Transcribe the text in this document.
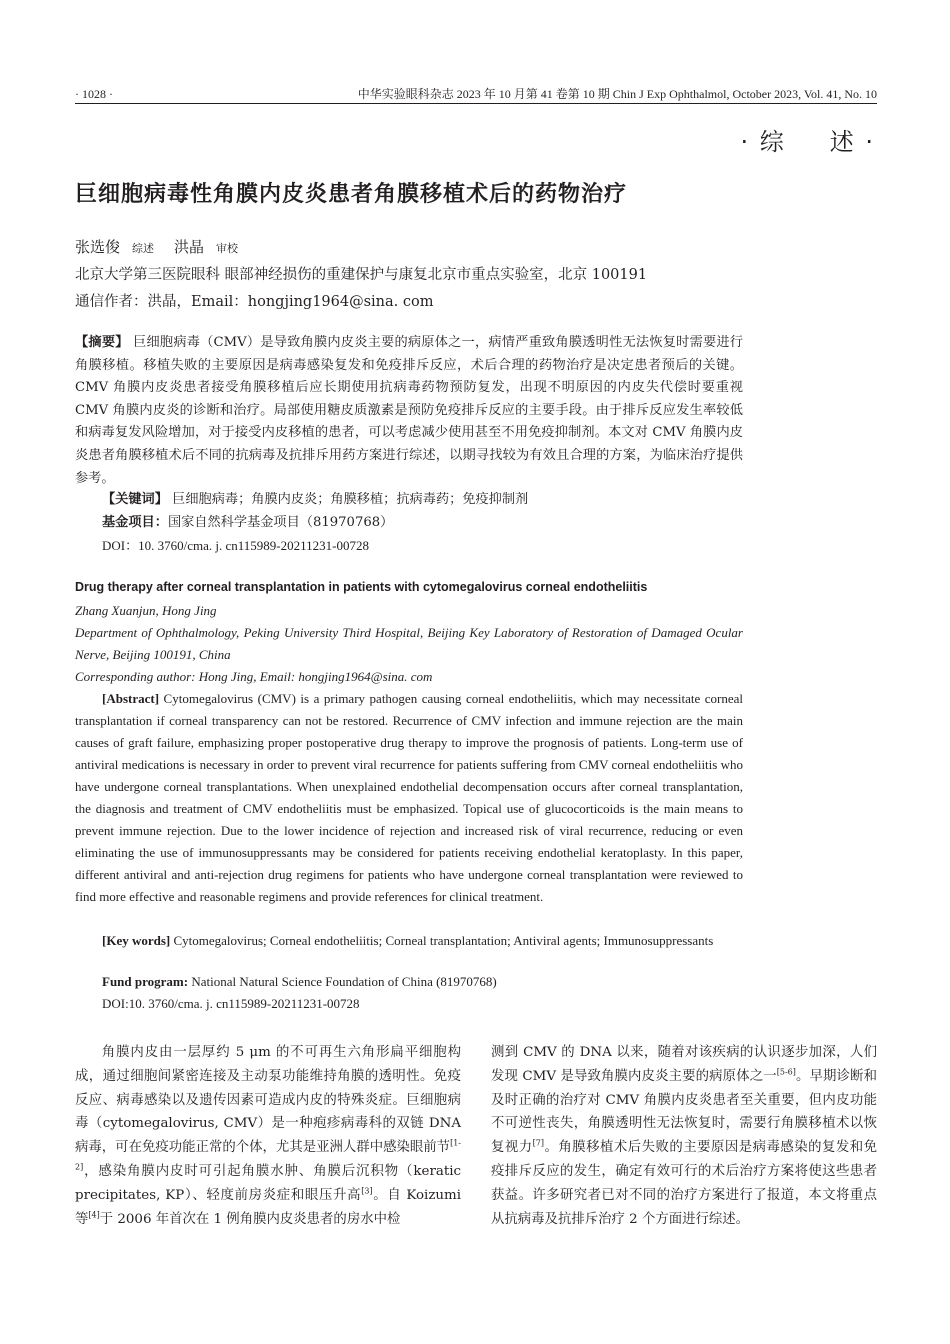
· 1028 ·	中华实验眼科杂志 2023 年 10 月第 41 卷第 10 期 Chin J Exp Ophthalmol, October 2023, Vol. 41, No. 10
· 综 述 ·
巨细胞病毒性角膜内皮炎患者角膜移植术后的药物治疗
张选俊 综述 洪晶 审校
北京大学第三医院眼科 眼部神经损伤的重建保护与康复北京市重点实验室，北京 100191
通信作者：洪晶，Email：hongjing1964@sina. com
【摘要】 巨细胞病毒（CMV）是导致角膜内皮炎主要的病原体之一，病情严重致角膜透明性无法恢复时需要进行角膜移植。移植失败的主要原因是病毒感染复发和免疫排斥反应，术后合理的药物治疗是决定患者预后的关键。CMV 角膜内皮炎患者接受角膜移植后应长期使用抗病毒药物预防复发，出现不明原因的内皮失代偿时要重视 CMV 角膜内皮炎的诊断和治疗。局部使用糖皮质激素是预防免疫排斥反应的主要手段。由于排斥反应发生率较低和病毒复发风险增加，对于接受内皮移植的患者，可以考虑减少使用甚至不用免疫抑制剂。本文对 CMV 角膜内皮炎患者角膜移植术后不同的抗病毒及抗排斥用药方案进行综述，以期寻找较为有效且合理的方案，为临床治疗提供参考。
【关键词】 巨细胞病毒；角膜内皮炎；角膜移植；抗病毒药；免疫抑制剂
基金项目：国家自然科学基金项目（81970768）
DOI：10. 3760/cma. j. cn115989-20211231-00728
Drug therapy after corneal transplantation in patients with cytomegalovirus corneal endotheliitis
Zhang Xuanjun, Hong Jing
Department of Ophthalmology, Peking University Third Hospital, Beijing Key Laboratory of Restoration of Damaged Ocular Nerve, Beijing 100191, China
Corresponding author: Hong Jing, Email: hongjing1964@sina. com
[Abstract] Cytomegalovirus (CMV) is a primary pathogen causing corneal endotheliitis, which may necessitate corneal transplantation if corneal transparency can not be restored. Recurrence of CMV infection and immune rejection are the main causes of graft failure, emphasizing proper postoperative drug therapy to improve the prognosis of patients. Long-term use of antiviral medications is necessary in order to prevent viral recurrence for patients suffering from CMV corneal endotheliitis who have undergone corneal transplantations. When unexplained endothelial decompensation occurs after corneal transplantation, the diagnosis and treatment of CMV endotheliitis must be emphasized. Topical use of glucocorticoids is the main means to prevent immune rejection. Due to the lower incidence of rejection and increased risk of viral recurrence, reducing or even eliminating the use of immunosuppressants may be considered for patients receiving endothelial keratoplasty. In this paper, different antiviral and anti-rejection drug regimens for patients who have undergone corneal transplantation were reviewed to find more effective and reasonable regimens and provide references for clinical treatment.
[Key words] Cytomegalovirus; Corneal endotheliitis; Corneal transplantation; Antiviral agents; Immunosuppressants
Fund program: National Natural Science Foundation of China (81970768)
DOI:10. 3760/cma. j. cn115989-20211231-00728

角膜内皮由一层厚约 5 μm 的不可再生六角形扁平细胞构成，通过细胞间紧密连接及主动泵功能维持角膜的透明性。免疫反应、病毒感染以及遗传因素可造成内皮的特殊炎症。巨细胞病毒（cytomegalovirus, CMV）是一种疱疹病毒科的双链 DNA 病毒，可在免疫功能正常的个体，尤其是亚洲人群中感染眼前节[1-2]，感染角膜内皮时可引起角膜水肿、角膜后沉积物（keratic precipitates, KP）、轻度前房炎症和眼压升高[3]。自 Koizumi 等[4]于 2006 年首次在 1 例角膜内皮炎患者的房水中检

测到 CMV 的 DNA 以来，随着对该疾病的认识逐步加深，人们发现 CMV 是导致角膜内皮炎主要的病原体之一[5-6]。早期诊断和及时正确的治疗对 CMV 角膜内皮炎患者至关重要，但内皮功能不可逆性丧失，角膜透明性无法恢复时，需要行角膜移植术以恢复视力[7]。角膜移植术后失败的主要原因是病毒感染的复发和免疫排斥反应的发生，确定有效可行的术后治疗方案将使这些患者获益。许多研究者已对不同的治疗方案进行了报道，本文将重点从抗病毒及抗排斥治疗 2 个方面进行综述。
